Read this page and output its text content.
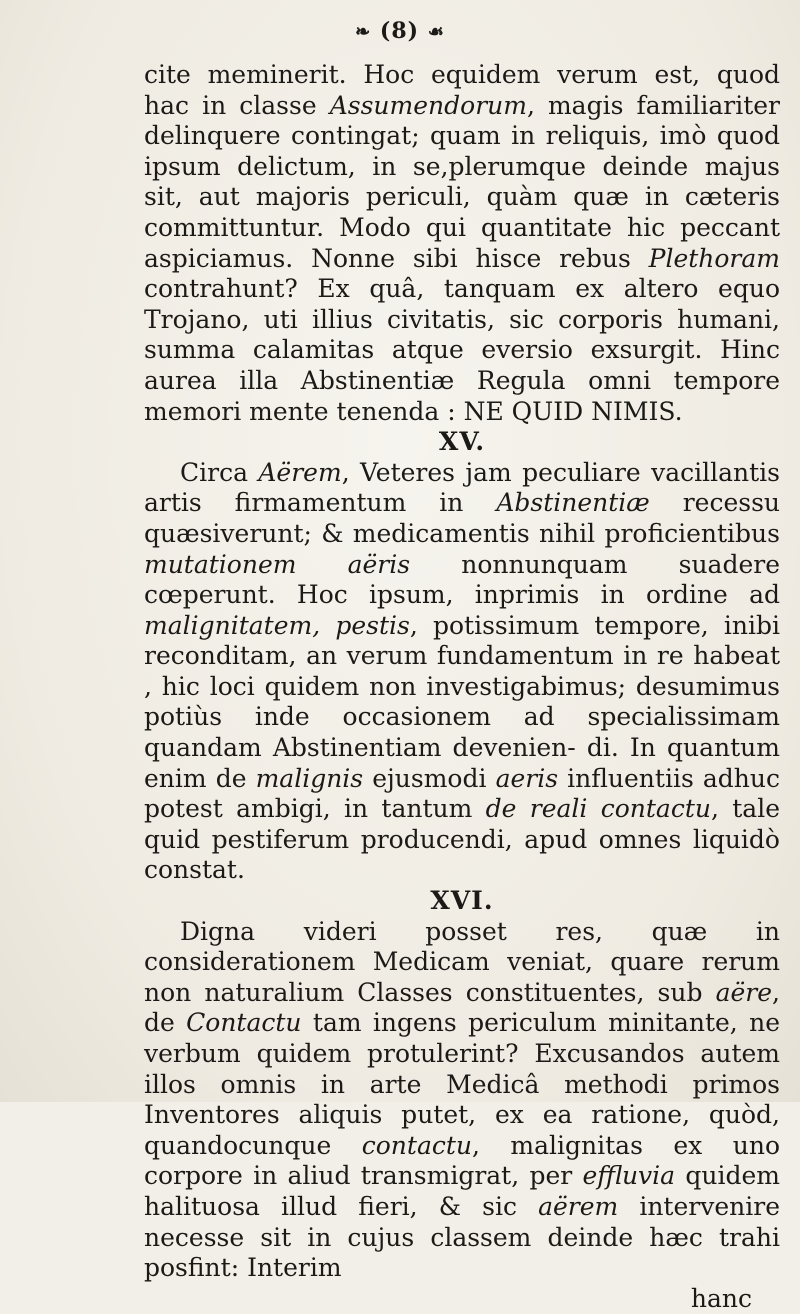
❧ (8) ☙

cite meminerit. Hoc equidem verum est, quod hac in classe Assumendorum, magis familiariter delinquere contingat; quam in reliquis, imò quod ipsum delictum, in se,plerumque deinde majus sit, aut majoris periculi, quàm quæ in cæteris committuntur. Modo qui quantitate hic peccant aspiciamus. Nonne sibi hisce rebus Plethoram contrahunt? Ex quâ, tanquam ex altero equo Trojano, uti illius civitatis, sic corporis humani, summa calamitas atque eversio exsurgit. Hinc aurea illa Abstinentiæ Regula omni tempore memori mente tenenda : NE QUID NIMIS.

XV.

Circa Aërem, Veteres jam peculiare vacillantis artis firmamentum in Abstinentiæ recessu quæsiverunt; & medicamentis nihil proficientibus mutationem aëris nonnunquam suadere cœperunt. Hoc ipsum, inprimis in ordine ad malignitatem, pestis, potissimum tempore, inibi reconditam, an verum fundamentum in re habeat , hic loci quidem non investigabimus; desumimus potiùs inde occasionem ad specialissimam quandam Abstinentiam devenien- di. In quantum enim de malignis ejusmodi aeris influentiis adhuc potest ambigi, in tantum de reali contactu, tale quid pestiferum producendi, apud omnes liquidò constat.

XVI.

Digna videri posset res, quæ in considerationem Medicam veniat, quare rerum non naturalium Classes constituentes, sub aëre, de Contactu tam ingens periculum minitante, ne verbum quidem protulerint? Excusandos autem illos omnis in arte Medicâ methodi primos Inventores aliquis putet, ex ea ratione, quòd, quandocunque contactu, malignitas ex uno corpore in aliud transmigrat, per effluvia quidem halituosa illud fieri, & sic aërem intervenire necesse sit in cujus classem deinde hæc trahi posfint: Interim

hanc
